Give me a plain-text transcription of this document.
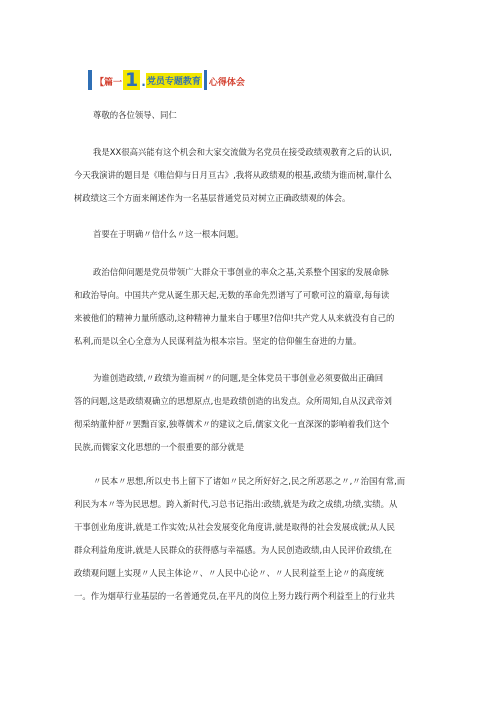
【篇一 1 . 党员专题教育 心得体会
尊敬的各位领导、同仁
我是XX很高兴能有这个机会和大家交流做为名党员在接受政绩观教育之后的认识,
今天我演讲的题目是《唯信仰与日月亘古》,我将从政绩观的根基,政绩为谁而树,靠什么
树政绩这三个方面来阐述作为一名基层普通党员对树立正确政绩观的体会。
首要在于明确〃信什么〃这一根本问题。
政治信仰问题是党员带领广大群众干事创业的率众之基,关系整个国家的发展命脉
和政治导向。中国共产党从诞生那天起,无数的革命先烈谱写了可歌可泣的篇章,每每读
来被他们的精神力量所感动,这种精神力量来自于哪里?信仰!共产党人从来就没有自己的
私利,而是以全心全意为人民谋利益为根本宗旨。坚定的信仰催生奋进的力量。
为谁创造政绩,〃政绩为谁而树〃的问题,是全体党员干事创业必须要做出正确回
答的问题,这是政绩观确立的思想原点,也是政绩创造的出发点。众所周知,自从汉武帝刘
彻采纳董仲舒〃罢黜百家,独尊儒术〃的建议之后,儒家文化一直深深的影响着我们这个
民族,而儒家文化思想的一个很重要的部分就是
〃民本〃思想,所以史书上留下了诸如〃民之所好好之,民之所恶恶之〃,〃治国有常,而
利民为本〃等为民思想。跨入新时代,习总书记指出:政绩,就是为政之成绩,功绩,实绩。从
干事创业角度讲,就是工作实效;从社会发展变化角度讲,就是取得的社会发展成就;从人民
群众利益角度讲,就是人民群众的获得感与幸福感。为人民创造政绩,由人民评价政绩,在
政绩观问题上实现〃人民主体论〃、〃人民中心论〃、〃人民利益至上论〃的高度统
一。作为烟草行业基层的一名普通党员,在平凡的岗位上努力践行两个利益至上的行业共
